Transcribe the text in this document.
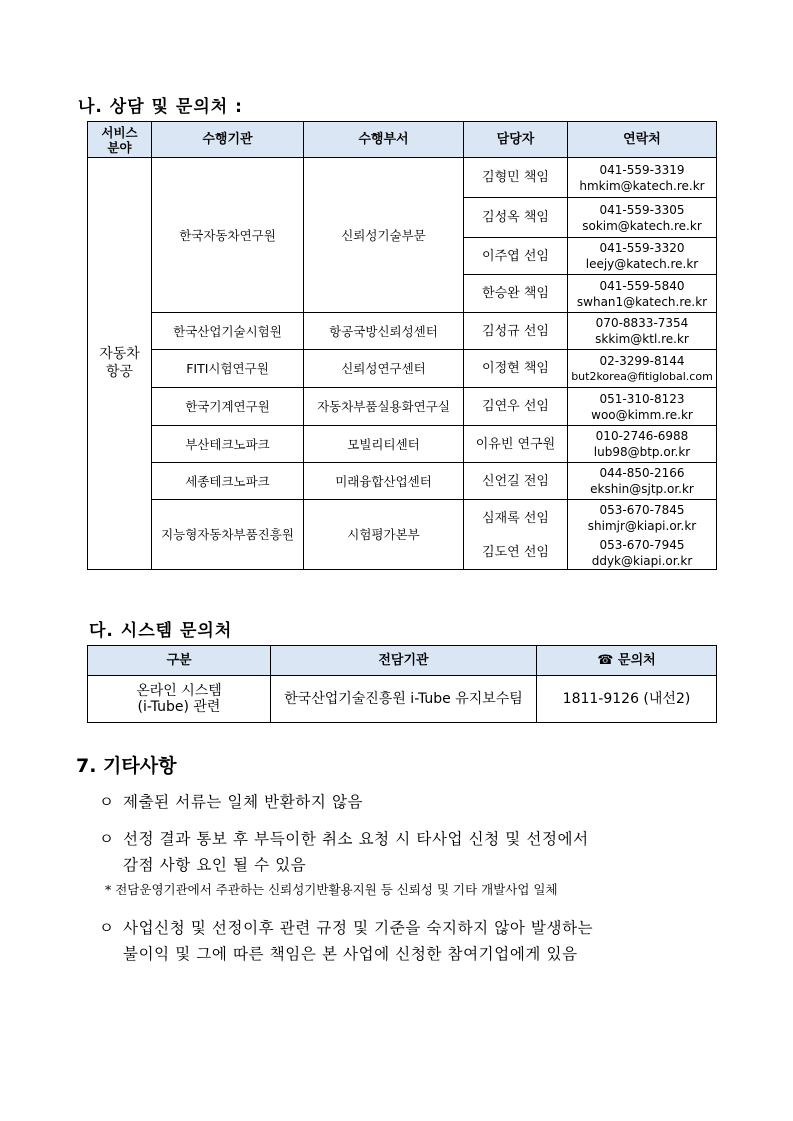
나. 상담 및 문의처 :
서비스
분야	수행기관	수행부서	담당자	연락처
자동차
항공	한국자동차연구원	신뢰성기술부문	김형민 책임	041-559-3319
hmkim@katech.re.kr

			김성옥 책임	041-559-3305
sokim@katech.re.kr

			이주엽 선임	041-559-3320
leejy@katech.re.kr

			한승완 책임	041-559-5840
swhan1@katech.re.kr

	한국산업기술시험원	항공국방신뢰성센터	김성규 선임	070-8833-7354
skkim@ktl.re.kr

	FITI시험연구원	신뢰성연구센터	이정현 책임	02-3299-8144
but2korea@fitiglobal.com

	한국기계연구원	자동차부품실용화연구실	김연우 선임	051-310-8123
woo@kimm.re.kr

	부산테크노파크	모빌리티센터	이유빈 연구원	010-2746-6988
lub98@btp.or.kr

	세종테크노파크	미래융합산업센터	신언길 전임	044-850-2166
ekshin@sjtp.or.kr

	지능형자동차부품진흥원	시험평가본부	심재록 선임	053-670-7845
shimjr@kiapi.or.kr

			김도연 선임	053-670-7945
ddyk@kiapi.or.kr
다. 시스템 문의처
구분	전담기관	☎ 문의처
온라인 시스템
(i-Tube) 관련	한국산업기술진흥원 i-Tube 유지보수팀	1811-9126 (내선2)
7. 기타사항
ㅇ 제출된 서류는 일체 반환하지 않음
ㅇ 선정 결과 통보 후 부득이한 취소 요청 시 타사업 신청 및 선정에서
감점 사항 요인 될 수 있음
* 전담운영기관에서 주관하는 신뢰성기반활용지원 등 신뢰성 및 기타 개발사업 일체
ㅇ 사업신청 및 선정이후 관련 규정 및 기준을 숙지하지 않아 발생하는
불이익 및 그에 따른 책임은 본 사업에 신청한 참여기업에게 있음
